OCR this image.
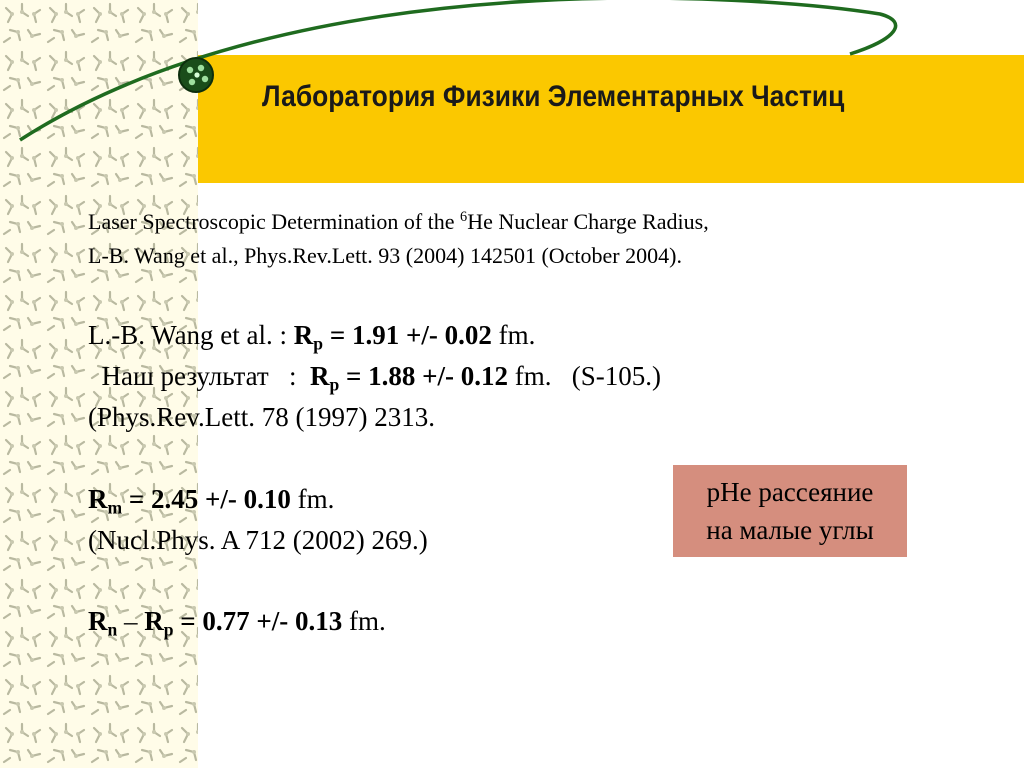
Лаборатория Физики Элементарных Частиц
Laser Spectroscopic Determination of the $^6$He Nuclear Charge Radius,
L-B. Wang et al., Phys.Rev.Lett. 93 (2004) 142501 (October 2004).
L.-B. Wang et al. : $R_p = 1.91$ +/- 0.02 fm.
Наш результат   :  $R_p = 1.88$ +/- 0.12 fm.   (S-105.)
(Phys.Rev.Lett. 78 (1997) 2313.
$R_m = 2.45$ +/- 0.10 fm.
(Nucl.Phys. A 712 (2002) 269.)
$R_n - R_p = 0.77$ +/- 0.13 fm.
pHe рассеяние
на малые углы
